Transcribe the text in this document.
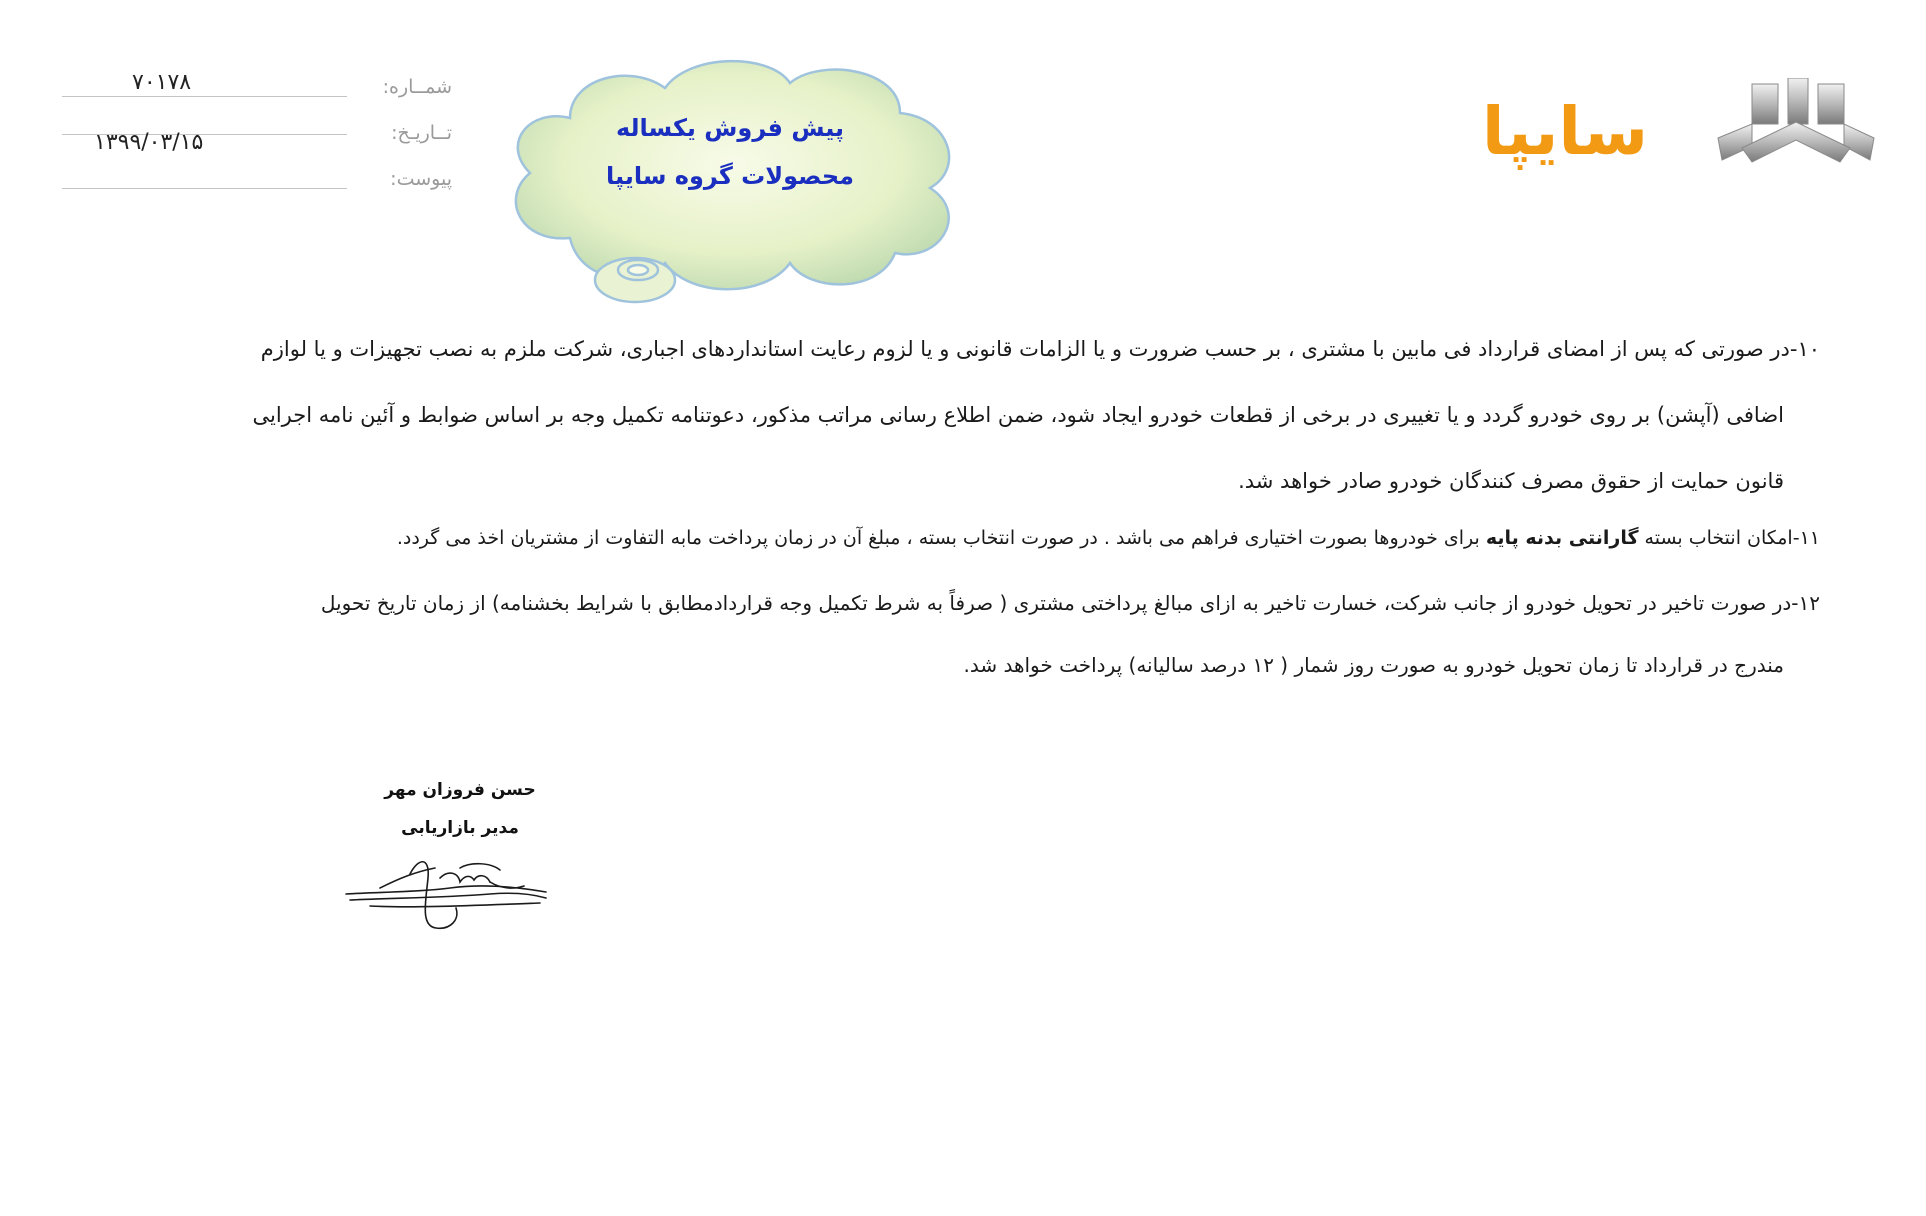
شمــاره:
۷۰۱۷۸
تــاریـخ:
۱۳۹۹/۰۳/۱۵
پیوست:
پیش فروش یکساله
محصولات گروه سایپا
سایپا

۱۰-در صورتی که پس از امضای قرارداد فی مابین با مشتری ، بر حسب ضرورت و یا الزامات قانونی و یا لزوم رعایت استانداردهای اجباری، شرکت ملزم به نصب تجهیزات و یا لوازم

اضافی (آپشن) بر روی خودرو گردد و یا تغییری در برخی از قطعات خودرو ایجاد شود، ضمن اطلاع رسانی مراتب مذکور، دعوتنامه تکمیل وجه بر اساس ضوابط و آئین نامه اجرایی

قانون حمایت از حقوق مصرف کنندگان خودرو صادر خواهد شد.

۱۱-امکان انتخاب بسته گارانتی بدنه پایه برای خودروها بصورت اختیاری فراهم می باشد . در صورت انتخاب بسته ، مبلغ آن در زمان پرداخت مابه التفاوت از مشتریان اخذ می گردد.

۱۲-در صورت تاخیر در تحویل خودرو از جانب شرکت، خسارت تاخیر به ازای مبالغ پرداختی مشتری ( صرفاً به شرط تکمیل وجه قراردادمطابق با شرایط بخشنامه) از زمان تاریخ تحویل

مندرج در قرارداد تا زمان تحویل خودرو به صورت روز شمار ( ۱۲ درصد سالیانه) پرداخت خواهد شد.

حسن فروزان مهر
مدیر بازاریابی
